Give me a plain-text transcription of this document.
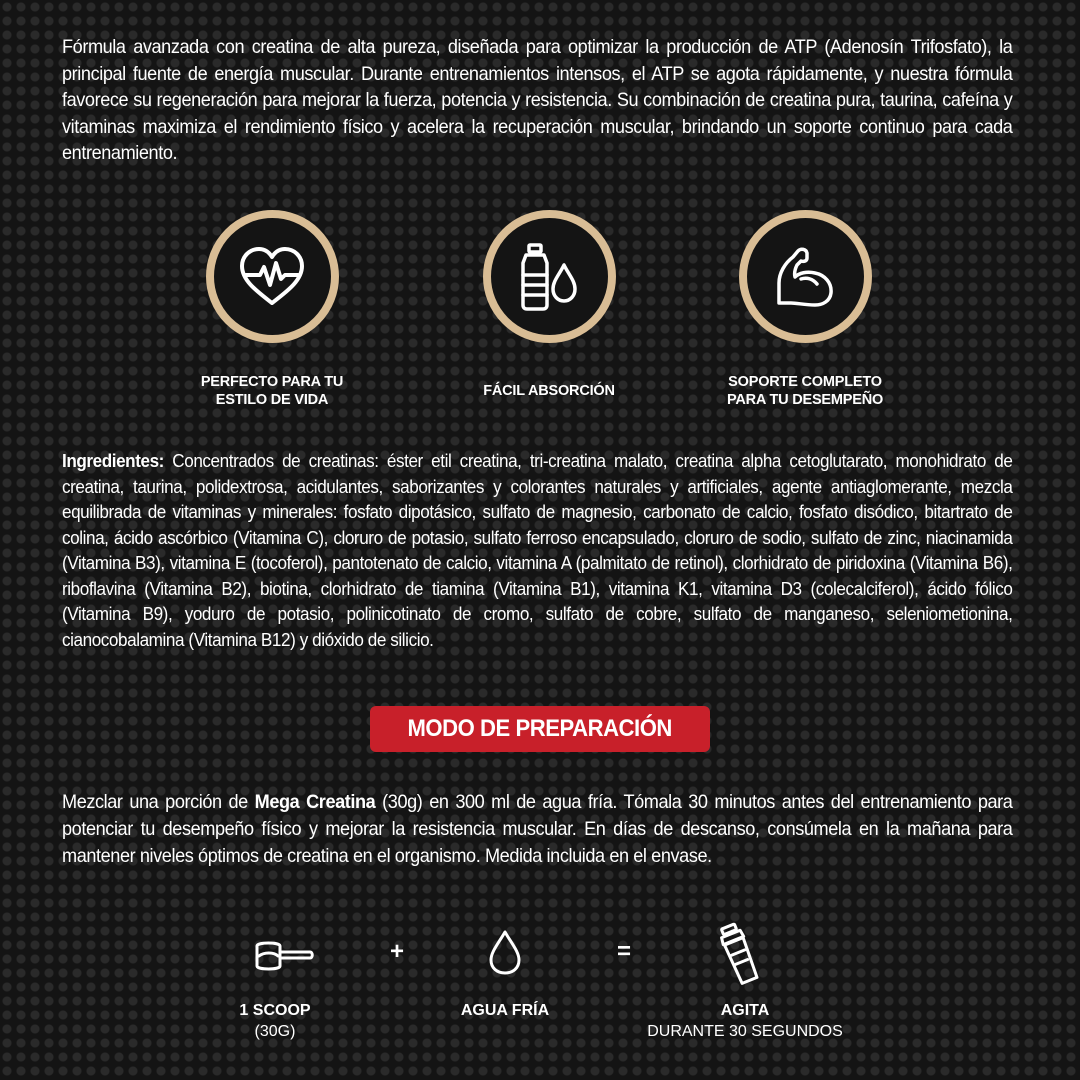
Fórmula avanzada con creatina de alta pureza, diseñada para optimizar la producción de ATP (Adenosín Trifosfato), la principal fuente de energía muscular. Durante entrenamientos intensos, el ATP se agota rápidamente, y nuestra fórmula favorece su regeneración para mejorar la fuerza, potencia y resistencia. Su combinación de creatina pura, taurina, cafeína y vitaminas maximiza el rendimiento físico y acelera la recuperación muscular, brindando un soporte continuo para cada entrenamiento.
PERFECTO PARA TU
ESTILO DE VIDA
FÁCIL ABSORCIÓN
SOPORTE COMPLETO
PARA TU DESEMPEÑO
Ingredientes: Concentrados de creatinas: éster etil creatina, tri-creatina malato, creatina alpha cetoglutarato, monohidrato de creatina, taurina, polidextrosa, acidulantes, saborizantes y colorantes naturales y artificiales, agente antiaglomerante, mezcla equilibrada de vitaminas y minerales: fosfato dipotásico, sulfato de magnesio, carbonato de calcio, fosfato disódico, bitartrato de colina, ácido ascórbico (Vitamina C), cloruro de potasio, sulfato ferroso encapsulado, cloruro de sodio, sulfato de zinc, niacinamida (Vitamina B3), vitamina E (tocoferol), pantotenato de calcio, vitamina A (palmitato de retinol), clorhidrato de piridoxina (Vitamina B6), riboflavina (Vitamina B2), biotina, clorhidrato de tiamina (Vitamina B1), vitamina K1, vitamina D3 (colecalciferol), ácido fólico (Vitamina B9), yoduro de potasio, polinicotinato de cromo, sulfato de cobre, sulfato de manganeso, seleniometionina, cianocobalamina (Vitamina B12) y dióxido de silicio.
MODO DE PREPARACIÓN
Mezclar una porción de Mega Creatina (30g) en 300 ml de agua fría. Tómala 30 minutos antes del entrenamiento para potenciar tu desempeño físico y mejorar la resistencia muscular. En días de descanso, consúmela en la mañana para mantener niveles óptimos de creatina en el organismo. Medida incluida en el envase.
+	=
1 SCOOP
(30G)
AGUA FRÍA	AGITA
DURANTE 30 SEGUNDOS
